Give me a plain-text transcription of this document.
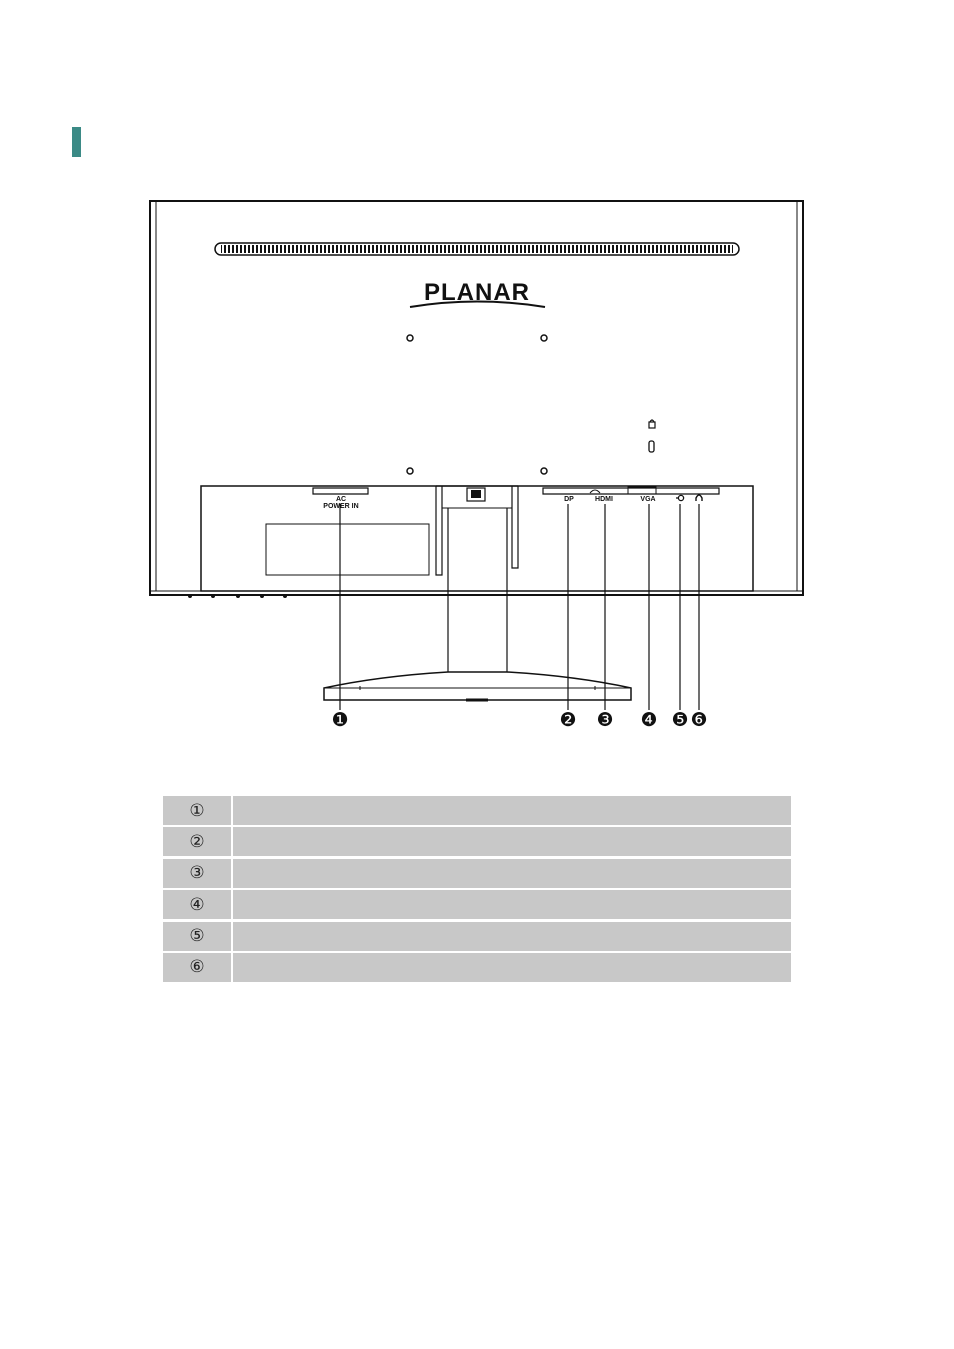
PLANAR
AC
POWER IN
DP	HDMI	VGA
❶	❷ ❸ ❹ ❺ ❻
①
②
③
④
⑤
⑥
